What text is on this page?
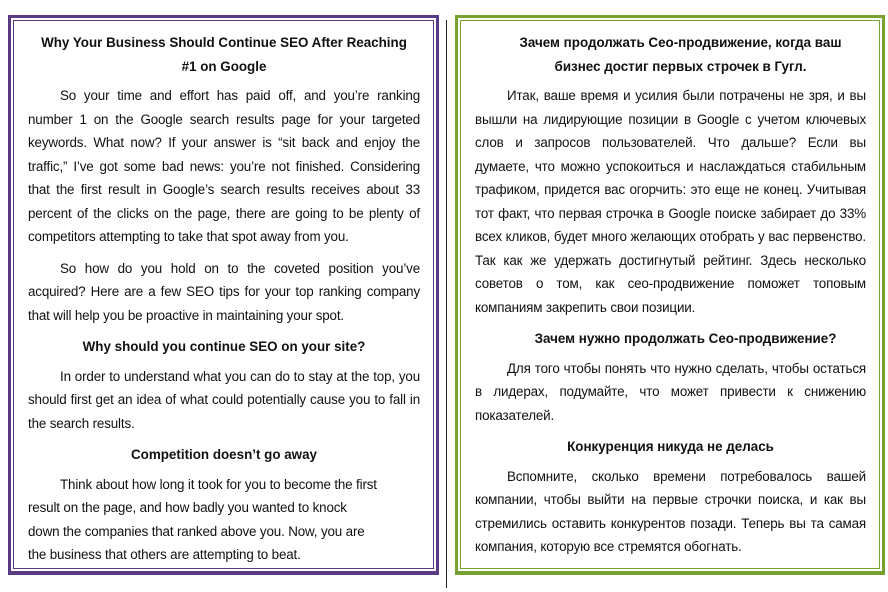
Why Your Business Should Continue SEO After Reaching #1 on Google

So your time and effort has paid off, and you’re ranking number 1 on the Google search results page for your targeted keywords. What now? If your answer is “sit back and enjoy the traffic,” I’ve got some bad news: you’re not finished. Considering that the first result in Google’s search results receives about 33 percent of the clicks on the page, there are going to be plenty of competitors attempting to take that spot away from you.

So how do you hold on to the coveted position you’ve acquired? Here are a few SEO tips for your top ranking company that will help you be proactive in maintaining your spot.

Why should you continue SEO on your site?

In order to understand what you can do to stay at the top, you should first get an idea of what could potentially cause you to fall in the search results.

Competition doesn’t go away

Think about how long it took for you to become the first result on the page, and how badly you wanted to knock down the companies that ranked above you. Now, you are the business that others are attempting to beat.

Зачем продолжать Сео-продвижение, когда ваш бизнес достиг первых строчек в Гугл.

Итак, ваше время и усилия были потрачены не зря, и вы вышли на лидирующие позиции в Google с учетом ключевых слов и запросов пользователей. Что дальше? Если вы думаете, что можно успокоиться и наслаждаться стабильным трафиком, придется вас огорчить: это еще не конец. Учитывая тот факт, что первая строчка в Google поиске забирает до 33% всех кликов, будет много желающих отобрать у вас первенство. Так как же удержать достигнутый рейтинг. Здесь несколько советов о том, как сео-продвижение поможет топовым компаниям закрепить свои позиции.

Зачем нужно продолжать Сео-продвижение?

Для того чтобы понять что нужно сделать, чтобы остаться в лидерах, подумайте, что может привести к снижению показателей.

Конкуренция никуда не делась

Вспомните, сколько времени потребовалось вашей компании, чтобы выйти на первые строчки поиска, и как вы стремились оставить конкурентов позади. Теперь вы та самая компания, которую все стремятся обогнать.
